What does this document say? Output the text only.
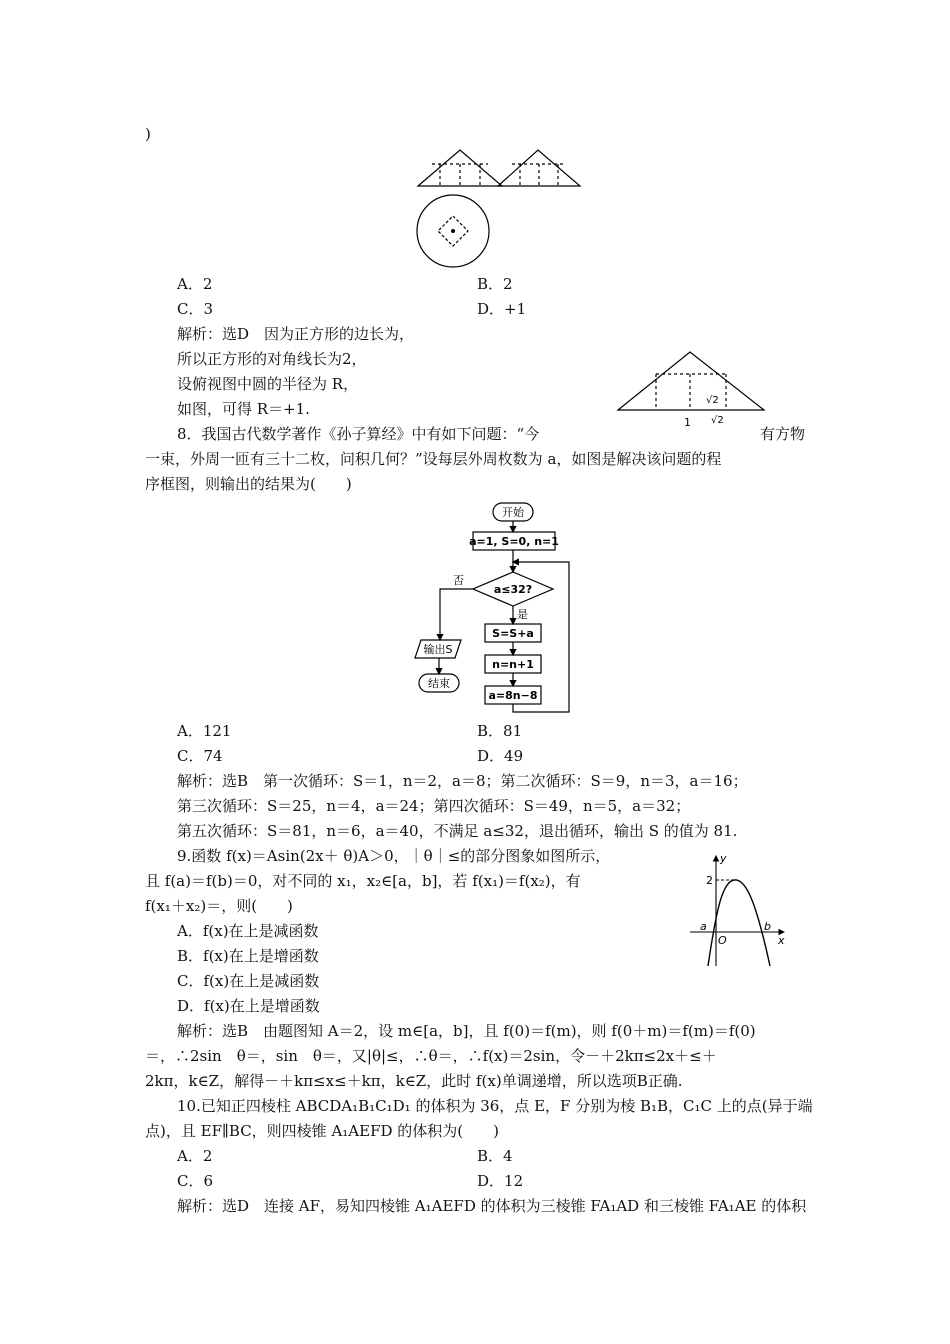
)
A．2	B．2
C．3	D．+1
解析：选D　因为正方形的边长为，
所以正方形的对角线长为2，
设俯视图中圆的半径为 R，
如图，可得 R＝+1.
1
√2
√2
8．我国古代数学著作《孙子算经》中有如下问题：“今	有方物
一束，外周一匝有三十二枚，问积几何？”设每层外周枚数为 a，如图是解决该问题的程
序框图，则输出的结果为(　　)
开始
a=1, S=0, n=1
a≤32?
是
否
S=S+a
n=n+1
a=8n−8
输出S
结束
A．121	B．81
C．74	D．49
解析：选B　第一次循环：S＝1，n＝2，a＝8；第二次循环：S＝9，n＝3，a＝16；
第三次循环：S＝25，n＝4，a＝24；第四次循环：S＝49，n＝5，a＝32；
第五次循环：S＝81，n＝6，a＝40，不满足 a≤32，退出循环，输出 S 的值为 81.
9.函数 f(x)＝Asin(2x＋ θ)A＞0，｜θ｜≤的部分图象如图所示，
且 f(a)＝f(b)＝0，对不同的 x₁，x₂∈[a，b]，若 f(x₁)＝f(x₂)，有
f(x₁＋x₂)＝，则(　　)
y
x
2
a	b
O
A．f(x)在上是减函数
B．f(x)在上是增函数
C．f(x)在上是减函数
D．f(x)在上是增函数
解析：选B　由题图知 A＝2，设 m∈[a，b]，且 f(0)＝f(m)，则 f(0＋m)＝f(m)＝f(0)
＝，∴2sin　θ＝，sin　θ＝，又|θ|≤，∴θ＝，∴f(x)＝2sin，令－＋2kπ≤2x＋≤＋
2kπ，k∈Z，解得－＋kπ≤x≤＋kπ，k∈Z，此时 f(x)单调递增，所以选项B正确.
10.已知正四棱柱 ABCDA₁B₁C₁D₁ 的体积为 36，点 E，F 分别为棱 B₁B，C₁C 上的点(异于端
点)，且 EF∥BC，则四棱锥 A₁AEFD 的体积为(　　)
A．2	B．4
C．6	D．12
解析：选D　连接 AF，易知四棱锥 A₁AEFD 的体积为三棱锥 FA₁AD 和三棱锥 FA₁AE 的体积
